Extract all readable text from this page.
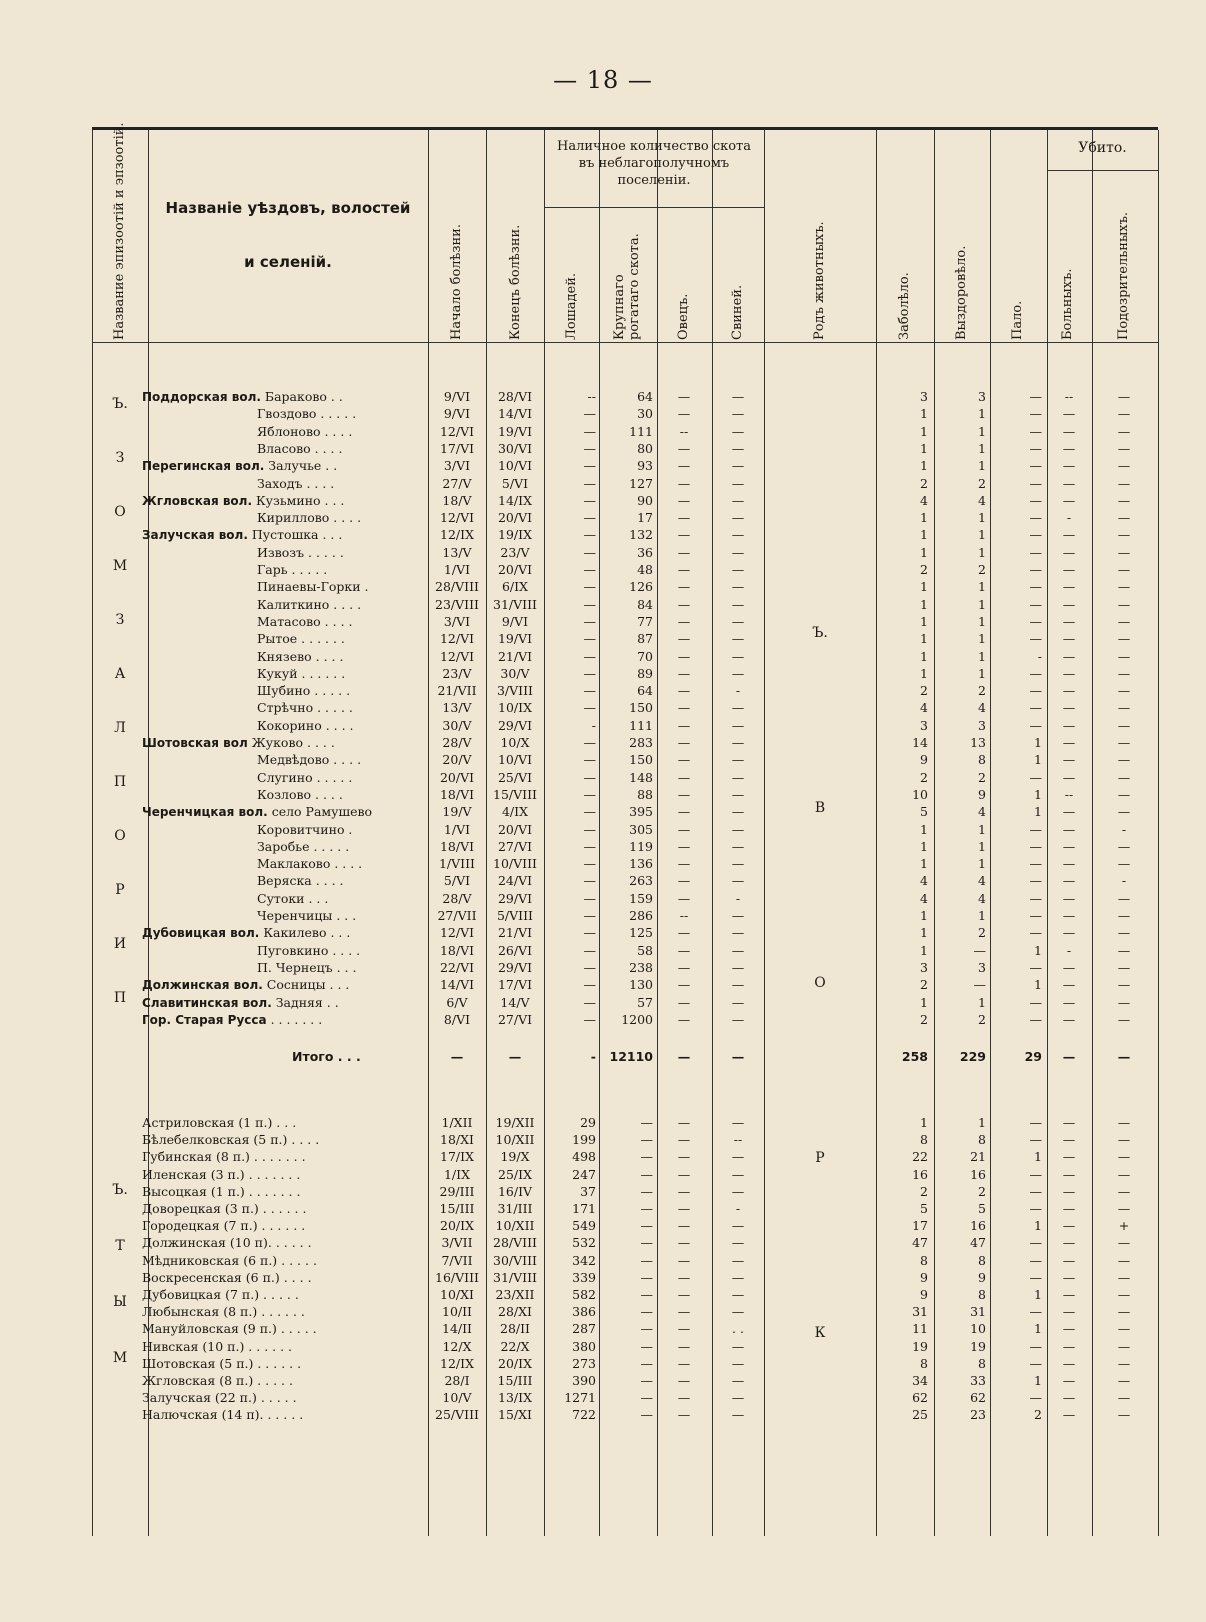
— 18 —
Название эпизоотій и эпзоотій.	Названіе уѣздовъ, волостей
и селеній.	Начало болѣзни.	Конецъ болѣзни.
Наличное количество скота въ неблагополучномъ поселеніи.
Лошадей.	Крупнаго рогатаго скота.	Овецъ.	Свиней.	Родъ животныхъ.	Заболѣло.	Выздоровѣло.	Пало.
Убито.
Больныхъ.	Подозрительныхъ.
Поддорская вол. Бараково . .	9/VI	28/VI	--	64	—	—	3	3	—	--	—
Гвоздово . . . . .	9/VI	14/VI	—	30	—	—	1	1	—	—	—
Яблоново . . . .	12/VI	19/VI	—	111	--	—	1	1	—	—	—
Власово . . . .	17/VI	30/VI	—	80	—	—	1	1	—	—	—
Перегинская вол. Залучье . .	3/VI	10/VI	—	93	—	—	1	1	—	—	—
Заходъ . . . .	27/V	5/VI	—	127	—	—	2	2	—	—	—
Жгловская вол. Кузьмино . . .	18/V	14/IX	—	90	—	—	4	4	—	—	—
Кириллово . . . .	12/VI	20/VI	—	17	—	—	1	1	—	-	—
Залучская вол. Пустошка . . .	12/IX	19/IX	—	132	—	—	1	1	—	—	—
Извозъ . . . . .	13/V	23/V	—	36	—	—	1	1	—	—	—
Гарь . . . . .	1/VI	20/VI	—	48	—	—	2	2	—	—	—
Пинаевы-Горки .	28/VIII	6/IX	—	126	—	—	1	1	—	—	—
Калиткино . . . .	23/VIII	31/VIII	—	84	—	—	1	1	—	—	—
Матасово . . . .	3/VI	9/VI	—	77	—	—	1	1	—	—	—
Рытое . . . . . .	12/VI	19/VI	—	87	—	—	1	1	—	—	—
Князево . . . .	12/VI	21/VI	—	70	—	—	1	1	-	—	—
Кукуй . . . . . .	23/V	30/V	—	89	—	—	1	1	—	—	—
Шубино . . . . .	21/VII	3/VIII	—	64	—	-	2	2	—	—	—
Стрѣчно . . . . .	13/V	10/IX	—	150	—	—	4	4	—	—	—
Кокорино . . . .	30/V	29/VI	-	111	—	—	3	3	—	—	—
Шотовская вол Жуково . . . .	28/V	10/X	—	283	—	—	14	13	1	—	—
Медвѣдово . . . .	20/V	10/VI	—	150	—	—	9	8	1	—	—
Слугино . . . . .	20/VI	25/VI	—	148	—	—	2	2	—	—	—
Козлово . . . .	18/VI	15/VIII	—	88	—	—	10	9	1	--	—
Черенчицкая вол. село Рамушево	19/V	4/IX	—	395	—	—	5	4	1	—	—
Коровитчино .	1/VI	20/VI	—	305	—	—	1	1	—	—	-
Заробье . . . . .	18/VI	27/VI	—	119	—	—	1	1	—	—	—
Маклаково . . . .	1/VIII	10/VIII	—	136	—	—	1	1	—	—	—
Веряска . . . .	5/VI	24/VI	—	263	—	—	4	4	—	—	-
Сутоки . . .	28/V	29/VI	—	159	—	-	4	4	—	—	—
Черенчицы . . .	27/VII	5/VIII	—	286	--	—	1	1	—	—	—
Дубовицкая вол. Какилево . . .	12/VI	21/VI	—	125	—	—	1	2	—	—	—
Пуговкино . . . .	18/VI	26/VI	—	58	—	—	1	—	1	-	—
П. Чернецъ . . .	22/VI	29/VI	—	238	—	—	3	3	—	—	—
Должинская вол. Сосницы . . .	14/VI	17/VI	—	130	—	—	2	—	1	—	—
Славитинская вол. Задняя . .	6/V	14/V	—	57	—	—	1	1	—	—	—
Гор. Старая Русса . . . . . . .	8/VI	27/VI	—	1200	—	—	2	2	—	—	—
Итого . . .	—	—	-	12110	—	—	258	229	29	—	—
Астриловская (1 п.) . . .	1/XII	19/XII	29	—	—	—	1	1	—	—	—
Бѣлебелковская (5 п.) . . . .	18/XI	10/XII	199	—	—	--	8	8	—	—	—
Губинская (8 п.) . . . . . . .	17/IX	19/X	498	—	—	—	22	21	1	—	—
Иленская (3 п.) . . . . . . .	1/IX	25/IX	247	—	—	—	16	16	—	—	—
Высоцкая (1 п.) . . . . . . .	29/III	16/IV	37	—	—	—	2	2	—	—	—
Доворецкая (3 п.) . . . . . .	15/III	31/III	171	—	—	-	5	5	—	—	—
Городецкая (7 п.) . . . . . .	20/IX	10/XII	549	—	—	—	17	16	1	—	+
Должинская (10 п). . . . . .	3/VII	28/VIII	532	—	—	—	47	47	—	—	—
Мѣдниковская (6 п.) . . . . .	7/VII	30/VIII	342	—	—	—	8	8	—	—	—
Воскресенская (6 п.) . . . .	16/VIII	31/VIII	339	—	—	—	9	9	—	—	—
Дубовицкая (7 п.) . . . . .	10/XI	23/XII	582	—	—	—	9	8	1	—	—
Любынская (8 п.) . . . . . .	10/II	28/XI	386	—	—	—	31	31	—	—	—
Мануйловская (9 п.) . . . . .	14/II	28/II	287	—	—	. .	11	10	1	—	—
Нивская (10 п.) . . . . . .	12/X	22/X	380	—	—	—	19	19	—	—	—
Шотовская (5 п.) . . . . . .	12/IX	20/IX	273	—	—	—	8	8	—	—	—
Жгловская (8 п.) . . . . .	28/I	15/III	390	—	—	—	34	33	1	—	—
Залучская (22 п.) . . . . .	10/V	13/IX	1271	—	—	—	62	62	—	—	—
Налючская (14 п). . . . . .	25/VIII	15/XI	722	—	—	—	25	23	2	—	—
П
И
Р
О
П
Л
А
З
М
О
З
Ъ.
М
Ы
Т
Ъ.
К
Р
О
В
Ъ.
